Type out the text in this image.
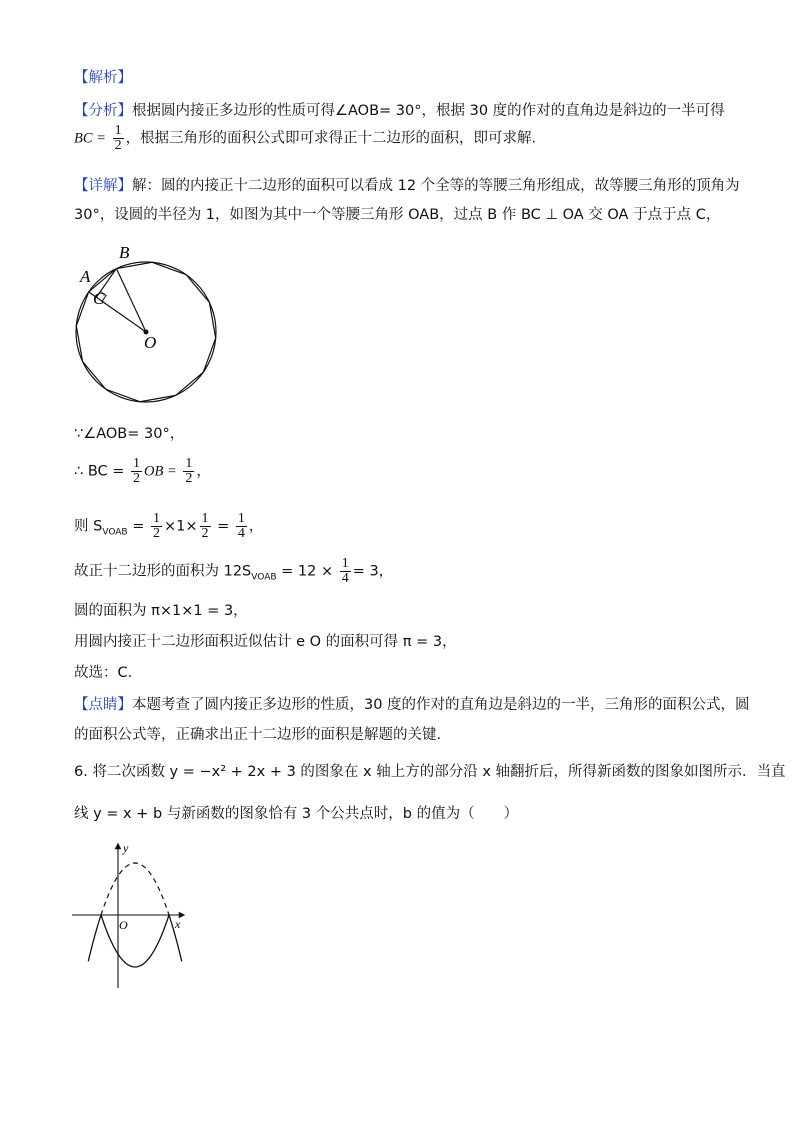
【解析】
【分析】根据圆内接正多边形的性质可得∠AOB= 30°，根据 30 度的作对的直角边是斜边的一半可得
BC = $\frac{1}{2}$ ，根据三角形的面积公式即可求得正十二边形的面积，即可求解.
【详解】解：圆的内接正十二边形的面积可以看成 12 个全等的等腰三角形组成，故等腰三角形的顶角为
30°，设圆的半径为 1，如图为其中一个等腰三角形 OAB，过点 B 作 BC ⊥ OA 交 OA 于点于点 C，
B
A
C
O
∵∠AOB= 30°，
∴ BC = $\frac{1}{2}$ OB = $\frac{1}{2}$ ，
则 $S_{VOAB} = \frac{1}{2} \times 1\times \frac{1}{2} = \frac{1}{4}$ ，
故正十二边形的面积为 $12S_{VOAB} = 12 \times \frac{1}{4} = 3$，
圆的面积为 π×1×1 = 3，
用圆内接正十二边形面积近似估计 e O 的面积可得 π = 3，
故选：C.
【点睛】本题考查了圆内接正多边形的性质，30 度的作对的直角边是斜边的一半，三角形的面积公式，圆
的面积公式等，正确求出正十二边形的面积是解题的关键.
6. 将二次函数 y = −x² + 2x + 3 的图象在 x 轴上方的部分沿 x 轴翻折后，所得新函数的图象如图所示．当直
线 y = x + b 与新函数的图象恰有 3 个公共点时，b 的值为（　　）
y
x
O
